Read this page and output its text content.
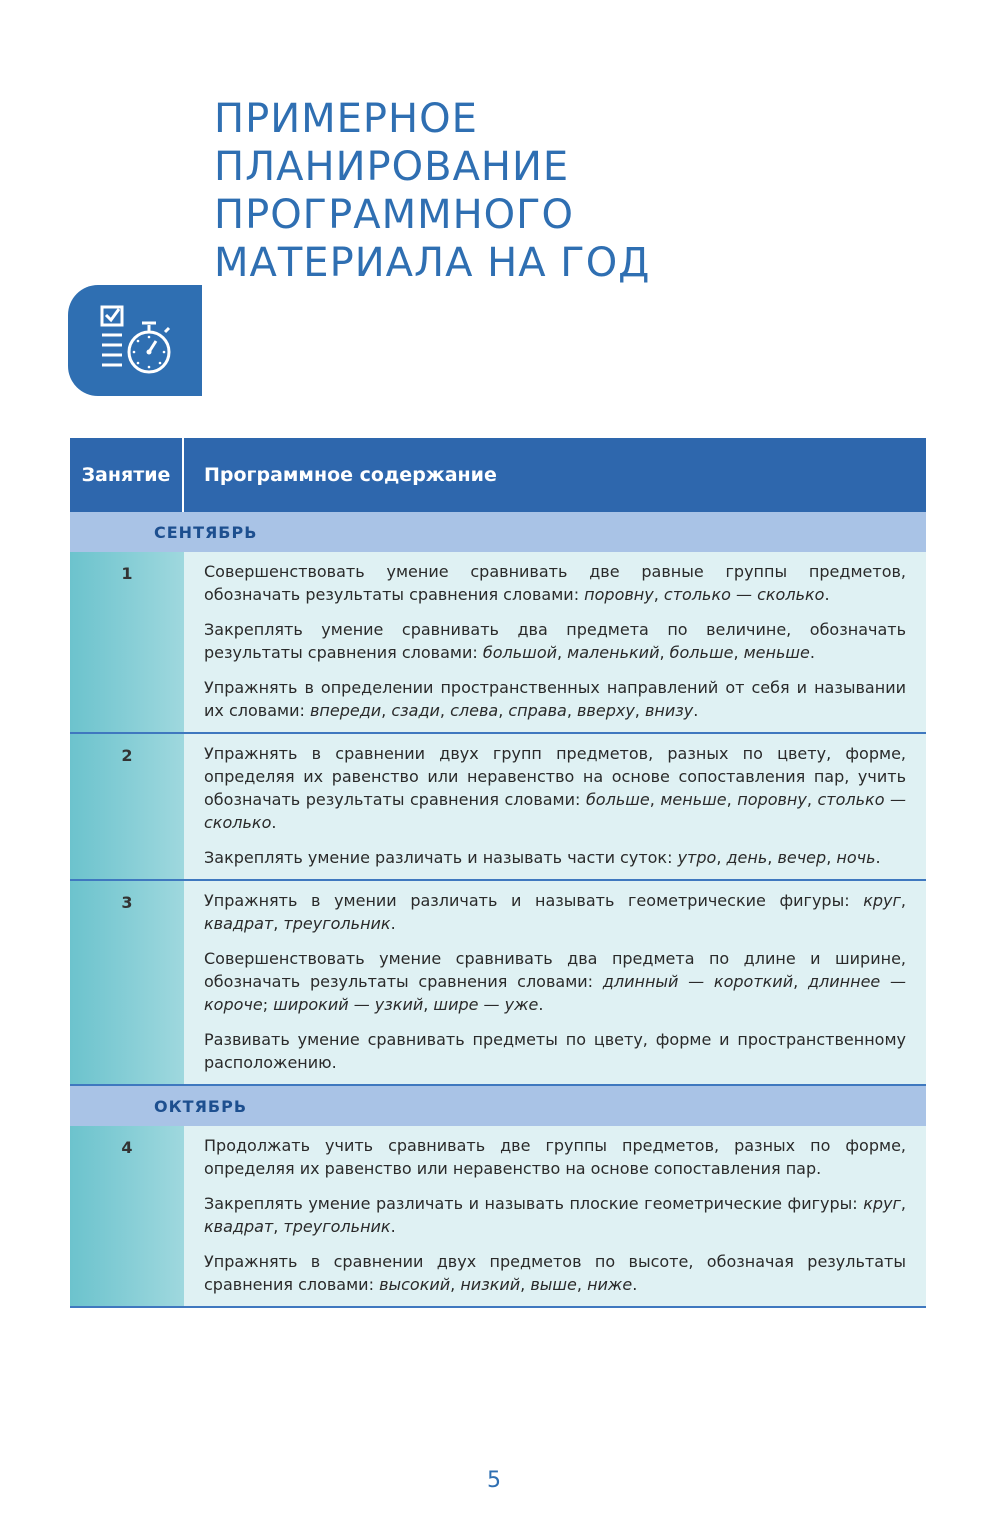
ПРИМЕРНОЕ
ПЛАНИРОВАНИЕ
ПРОГРАММНОГО
МАТЕРИАЛА НА ГОД
Занятие	Программное содержание
СЕНТЯБРЬ
1	Совершенствовать умение сравнивать две равные группы предметов, обозначать результаты сравнения словами: поровну, столько — сколько.

Закреплять умение сравнивать два предмета по величине, обозначать результаты сравнения словами: большой, маленький, больше, меньше.

Упражнять в определении пространственных направлений от себя и назывании их словами: впереди, сзади, слева, справа, вверху, внизу.

2	Упражнять в сравнении двух групп предметов, разных по цвету, форме, определяя их равенство или неравенство на основе сопоставления пар, учить обозначать результаты сравнения словами: больше, меньше, поровну, столько — сколько.

Закреплять умение различать и называть части суток: утро, день, вечер, ночь.

3	Упражнять в умении различать и называть геометрические фигуры: круг, квадрат, треугольник.

Совершенствовать умение сравнивать два предмета по длине и ширине, обозначать результаты сравнения словами: длинный — короткий, длиннее — короче; широкий — узкий, шире — уже.

Развивать умение сравнивать предметы по цвету, форме и пространственному расположению.

ОКТЯБРЬ
4	Продолжать учить сравнивать две группы предметов, разных по форме, определяя их равенство или неравенство на основе сопоставления пар.

Закреплять умение различать и называть плоские геометрические фигуры: круг, квадрат, треугольник.

Упражнять в сравнении двух предметов по высоте, обозначая результаты сравнения словами: высокий, низкий, выше, ниже.

5
